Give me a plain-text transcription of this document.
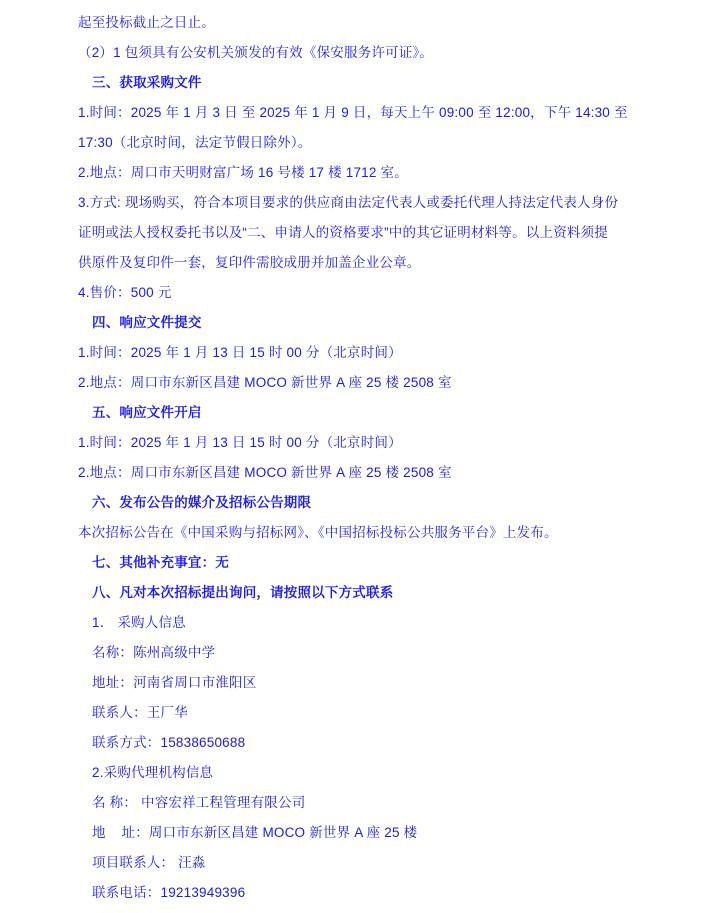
起至投标截止之日止。
（2）1 包须具有公安机关颁发的有效《保安服务许可证》。
三、获取采购文件
1.时间：2025 年 1 月 3 日 至 2025 年 1 月 9 日，每天上午 09:00 至 12:00，下午 14:30 至
17:30（北京时间，法定节假日除外）。
2.地点：周口市天明财富广场 16 号楼 17 楼 1712 室。
3.方式: 现场购买，符合本项目要求的供应商由法定代表人或委托代理人持法定代表人身份
证明或法人授权委托书以及“二、申请人的资格要求”中的其它证明材料等。以上资料须提
供原件及复印件一套，复印件需胶成册并加盖企业公章。
4.售价：500 元
四、响应文件提交
1.时间：2025 年 1 月 13 日 15 时 00 分（北京时间）
2.地点：周口市东新区昌建 MOCO 新世界 A 座 25 楼 2508 室
五、响应文件开启
1.时间：2025 年 1 月 13 日 15 时 00 分（北京时间）
2.地点：周口市东新区昌建 MOCO 新世界 A 座 25 楼 2508 室
六、发布公告的媒介及招标公告期限
本次招标公告在《中国采购与招标网》、《中国招标投标公共服务平台》上发布。
七、其他补充事宜：无
八、凡对本次招标提出询问，请按照以下方式联系
1． 采购人信息
名称：陈州高级中学
地址：河南省周口市淮阳区
联系人：王厂华
联系方式：15838650688
2.采购代理机构信息
名 称： 中容宏祥工程管理有限公司
地    址：周口市东新区昌建 MOCO 新世界 A 座 25 楼
项目联系人： 汪淼
联系电话：19213949396
